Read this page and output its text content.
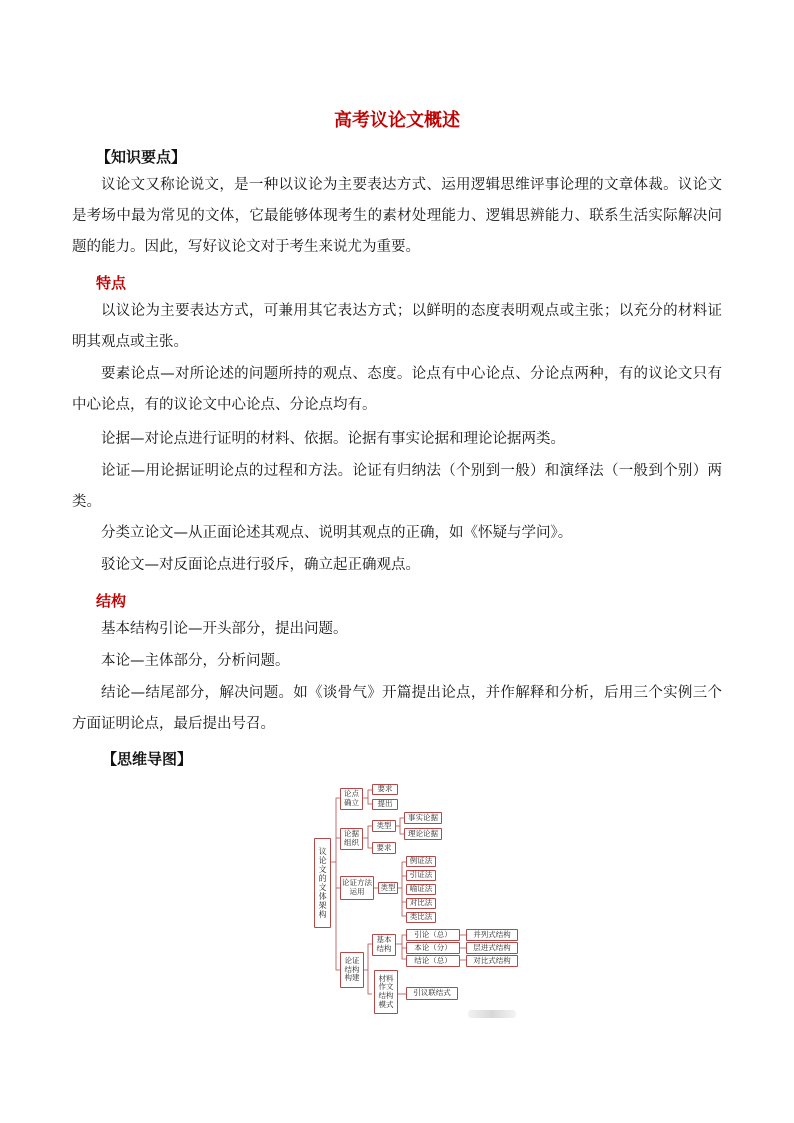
高考议论文概述
【知识要点】

议论文又称论说文，是一种以议论为主要表达方式、运用逻辑思维评事论理的文章体裁。议论文是考场中最为常见的文体，它最能够体现考生的素材处理能力、逻辑思辨能力、联系生活实际解决问题的能力。因此，写好议论文对于考生来说尤为重要。

特点

以议论为主要表达方式，可兼用其它表达方式；以鲜明的态度表明观点或主张；以充分的材料证明其观点或主张。

要素论点—对所论述的问题所持的观点、态度。论点有中心论点、分论点两种，有的议论文只有中心论点，有的议论文中心论点、分论点均有。

论据—对论点进行证明的材料、依据。论据有事实论据和理论论据两类。

论证—用论据证明论点的过程和方法。论证有归纳法（个别到一般）和演绎法（一般到个别）两类。

分类立论文—从正面论述其观点、说明其观点的正确，如《怀疑与学问》。

驳论文—对反面论点进行驳斥，确立起正确观点。

结构

基本结构引论—开头部分，提出问题。

本论—主体部分，分析问题。

结论—结尾部分，解决问题。如《谈骨气》开篇提出论点，并作解释和分析，后用三个实例三个方面证明论点，最后提出号召。

【思维导图】
议论文的文体架构
论点确立
要求
提出
论据组织
类型
事实论据
理论论据
要求
论证方法运用	类型
例证法
引证法
喻证法
对比法
类比法
论证结构构建
基本结构
引论（总）
本论（分）
结论（总）
并列式结构
层进式结构
对比式结构
材料作文结构模式
引议联结式
